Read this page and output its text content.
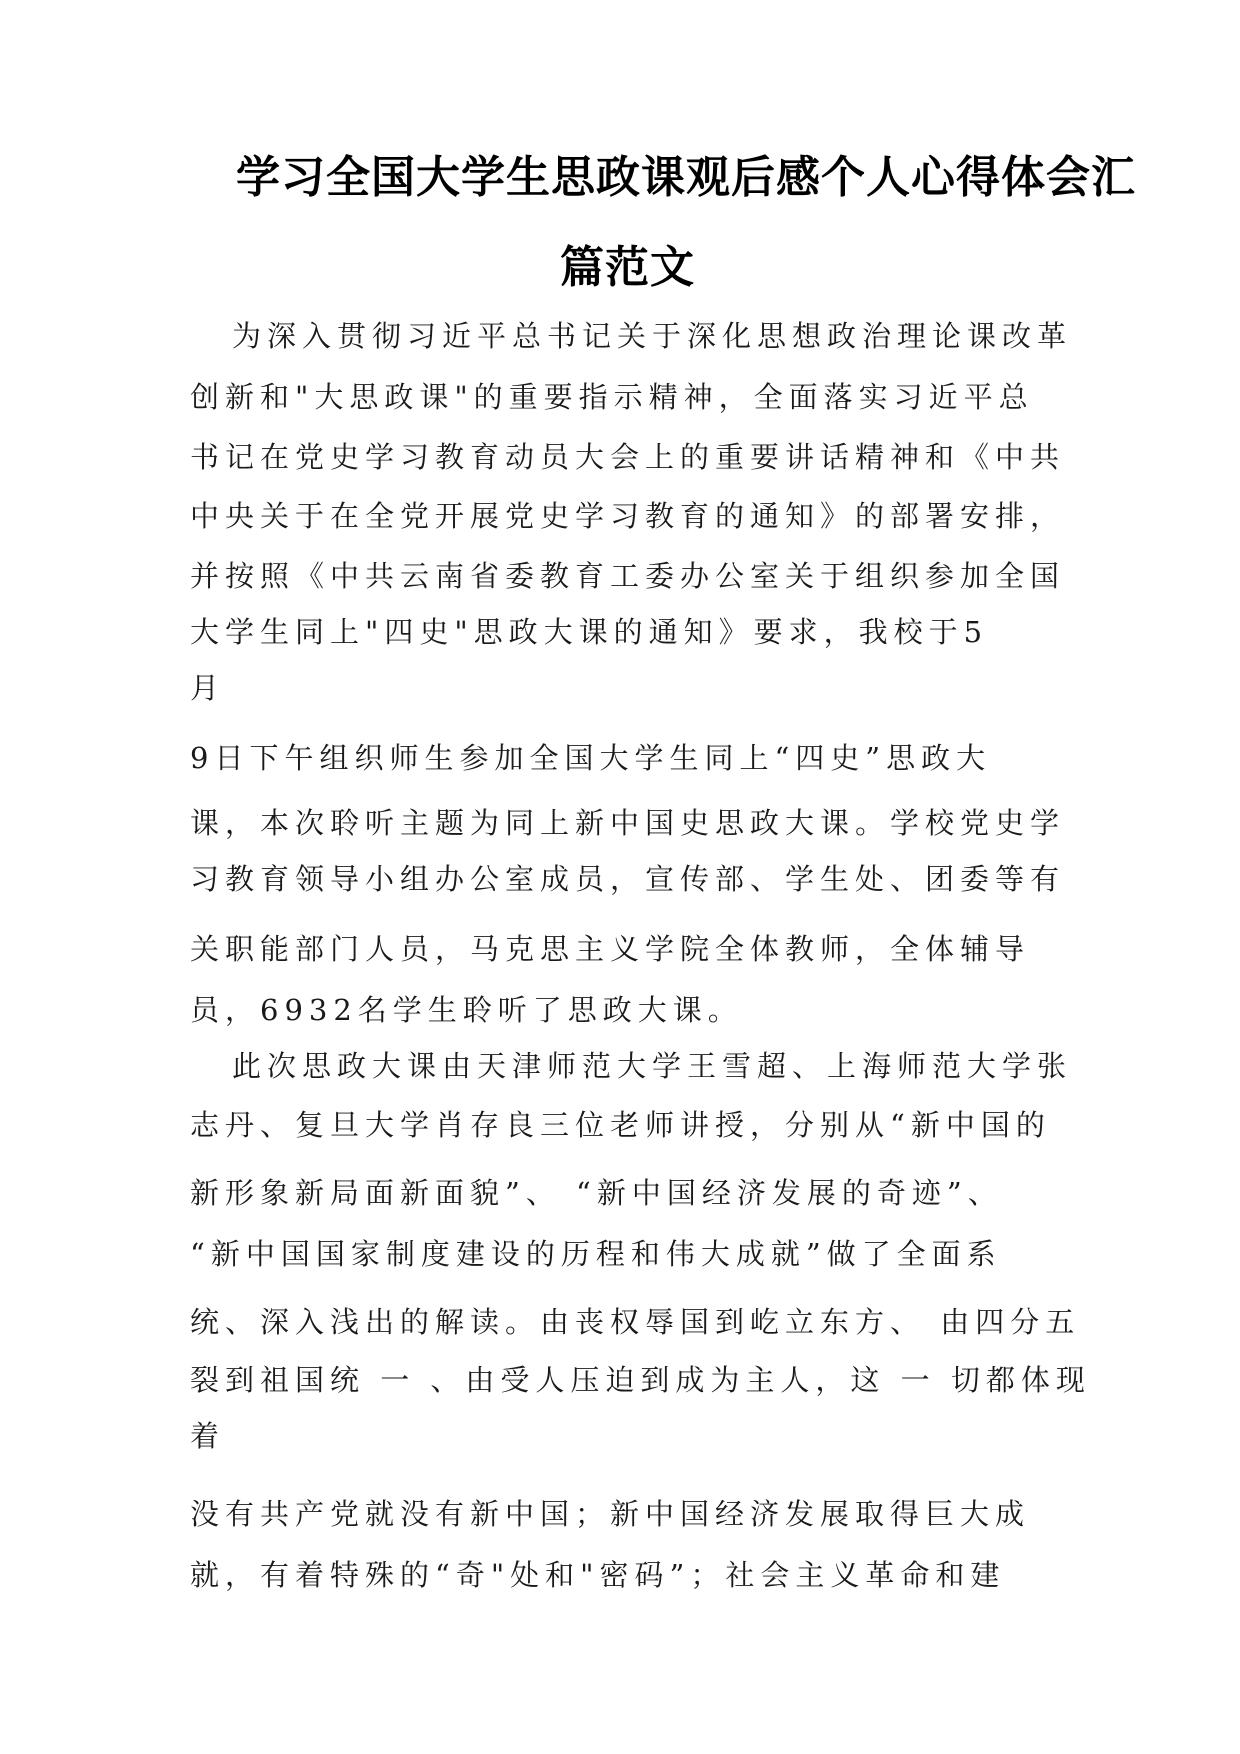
学习全国大学生思政课观后感个人心得体会汇
篇范文
为深入贯彻习近平总书记关于深化思想政治理论课改革
创新和"大思政课"的重要指示精神，全面落实习近平总
书记在党史学习教育动员大会上的重要讲话精神和《中共
中央关于在全党开展党史学习教育的通知》的部署安排，
并按照《中共云南省委教育工委办公室关于组织参加全国
大学生同上"四史"思政大课的通知》要求，我校于5
月
9日下午组织师生参加全国大学生同上“四史”思政大
课，本次聆听主题为同上新中国史思政大课。学校党史学
习教育领导小组办公室成员，宣传部、学生处、团委等有
关职能部门人员，马克思主义学院全体教师，全体辅导
员，6932名学生聆听了思政大课。
此次思政大课由天津师范大学王雪超、上海师范大学张
志丹、复旦大学肖存良三位老师讲授，分别从“新中国的
新形象新局面新面貌”、 “新中国经济发展的奇迹”、
“新中国国家制度建设的历程和伟大成就”做了全面系
统、深入浅出的解读。由丧权辱国到屹立东方、 由四分五
裂到祖国统 一 、由受人压迫到成为主人，这 一 切都体现
着
没有共产党就没有新中国；新中国经济发展取得巨大成
就，有着特殊的“奇"处和"密码”；社会主义革命和建
